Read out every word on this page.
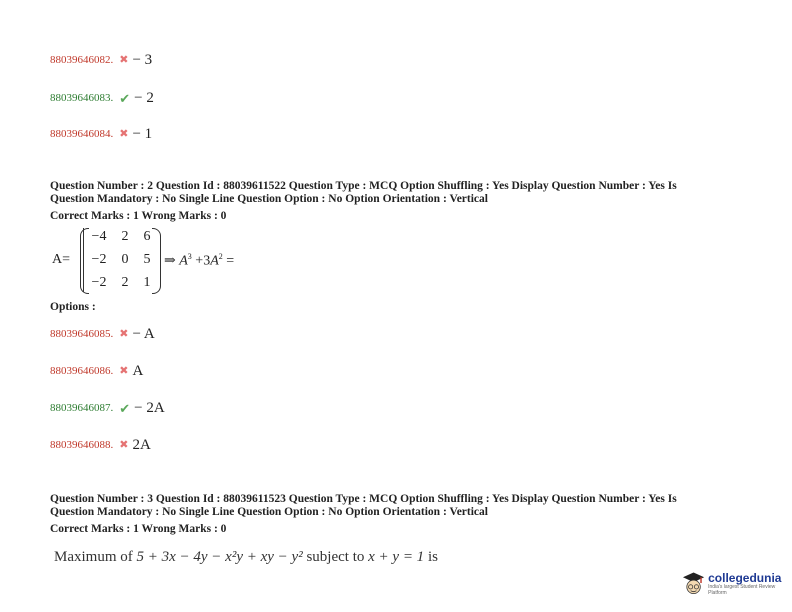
88039646082. ✖ − 3
88039646083. ✔ − 2
88039646084. ✖ − 1
Question Number : 2 Question Id : 88039611522 Question Type : MCQ Option Shuffling : Yes Display Question Number : Yes Is
Question Mandatory : No Single Line Question Option : No Option Orientation : Vertical
Correct Marks : 1 Wrong Marks : 0
A=
−4	2	6
−2	0	5
−2	2	1
⇒ $A^3 +3A^2$ =
Options :
88039646085. ✖ − A
88039646086. ✖ A
88039646087. ✔ − 2A
88039646088. ✖ 2A
Question Number : 3 Question Id : 88039611523 Question Type : MCQ Option Shuffling : Yes Display Question Number : Yes Is
Question Mandatory : No Single Line Question Option : No Option Orientation : Vertical
Correct Marks : 1 Wrong Marks : 0
Maximum of 5 + 3x − 4y − x²y + xy − y² subject to x + y = 1 is
collegedunia
India's largest Student Review Platform
